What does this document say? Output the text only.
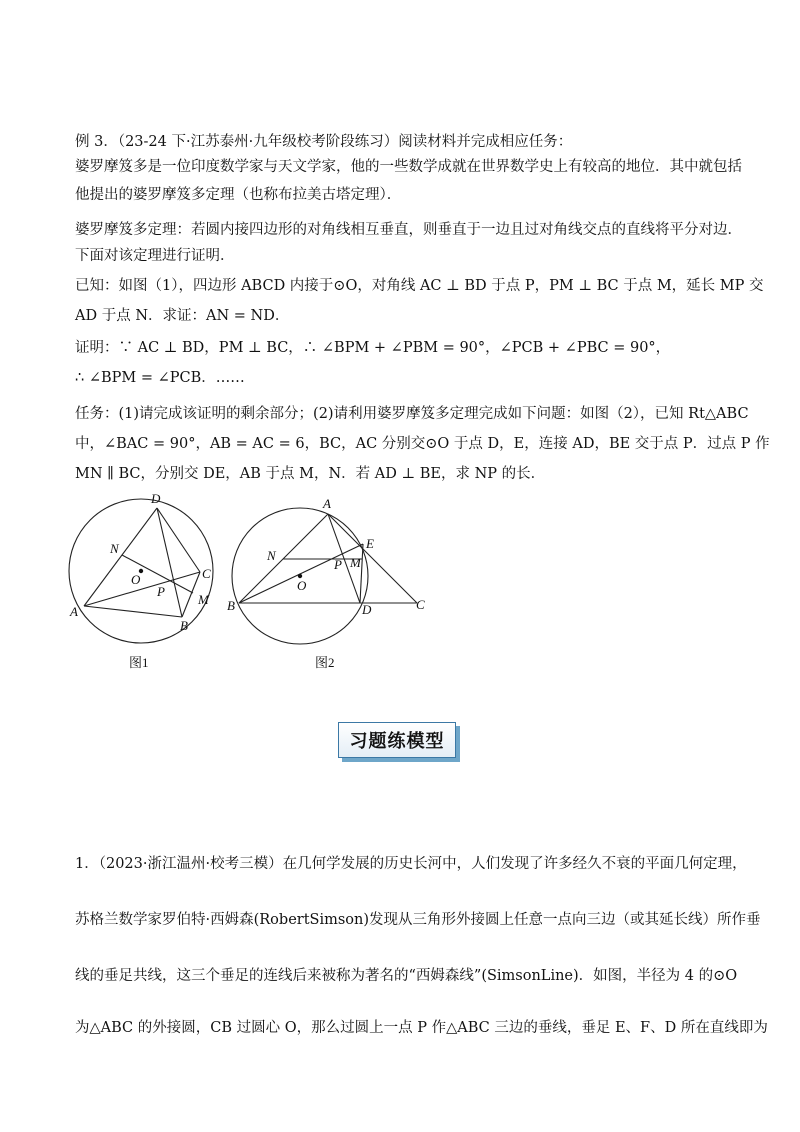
例 3．（23-24 下·江苏泰州·九年级校考阶段练习）阅读材料并完成相应任务：
婆罗摩笈多是一位印度数学家与天文学家，他的一些数学成就在世界数学史上有较高的地位．其中就包括
他提出的婆罗摩笈多定理（也称布拉美古塔定理）．
婆罗摩笈多定理：若圆内接四边形的对角线相互垂直，则垂直于一边且过对角线交点的直线将平分对边．
下面对该定理进行证明．
已知：如图（1），四边形 ABCD 内接于⊙O，对角线 AC ⊥ BD 于点 P，PM ⊥ BC 于点 M，延长 MP 交
AD 于点 N．求证：AN = ND．
证明：∵ AC ⊥ BD，PM ⊥ BC，∴ ∠BPM + ∠PBM = 90°，∠PCB + ∠PBC = 90°，
∴ ∠BPM = ∠PCB．……
任务：(1)请完成该证明的剩余部分；(2)请利用婆罗摩笈多定理完成如下问题：如图（2），已知 Rt△ABC
中，∠BAC = 90°，AB = AC = 6，BC，AC 分别交⊙O 于点 D，E，连接 AD，BE 交于点 P．过点 P 作
MN ∥ BC，分别交 DE，AB 于点 M，N．若 AD ⊥ BE，求 NP 的长．
A
B
C
D
N
O
P
M
图1
A
B	C
D
E
N
O
P M
图2
习题练模型
1．（2023·浙江温州·校考三模）在几何学发展的历史长河中，人们发现了许多经久不衰的平面几何定理，
苏格兰数学家罗伯特·西姆森(RobertSimson)发现从三角形外接圆上任意一点向三边（或其延长线）所作垂
线的垂足共线，这三个垂足的连线后来被称为著名的“西姆森线”(SimsonLine)．如图，半径为 4 的⊙O
为△ABC 的外接圆，CB 过圆心 O，那么过圆上一点 P 作△ABC 三边的垂线，垂足 E、F、D 所在直线即为
